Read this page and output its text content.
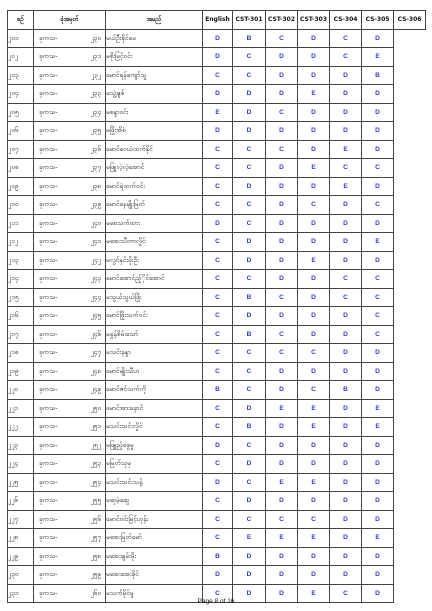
စဥ်	ခုံအမှတ်	အမည်	English	CST-301	CST-302	CST-303	CS-304	CS-305	CS-306
၂၀၁	ခုကသ- ၂၃၀	မယ်ဦးခိုင်မေ	D	B	C	D	C	D	
၂၀၂	ခုကသ- ၂၃၁	မစိုးမြင့်ဝင်း	D	C	D	D	C	E	
၂၀၃	ခုကသ- ၂၃၂	မောင်ရန်ကျော်သူ	C	C	D	D	D	B	
၂၀၄	ခုကသ- ၂၃၃	မသွဲ့ချစ်	D	D	D	E	D	D	
၂၀၅	ခုကသ- ၂၃၄	မစန္ဒာဝင်း	E	D	C	D	D	D	
၂၀၆	ခုကသ- ၂၃၅	မဖြိုးအိစံ	D	D	D	D	D	D	
၂၀၇	ခုကသ- ၂၃၆	မောင်ဝေယံထက်နိုင်	C	C	C	D	E	D	
၂၀၈	ခုကသ- ၂၃၇	မဖြူလဲ့လဲ့အောင်	C	C	D	E	C	C	
၂၀၉	ခုကသ- ၂၃၈	မောင်ရဲထက်ဝင်း	C	D	D	D	E	D	
၂၁၀	ခုကသ- ၂၃၉	မောင်နေမျိုးမြတ်	C	C	D	C	D	C	
၂၁၁	ခုကသ- ၂၄၀	မစေသက်ထား	D	C	D	D	D	D	
၂၁၂	ခုကသ- ၂၄၁	မအေးသီတာလှိုင်	C	D	D	D	D	E	
၂၁၃	ခုကသ- ၂၄၂	မလွင်နှင်းမိုးဦး	C	D	D	E	D	D	
၂၁၄	ခုကသ- ၂၄၃	မောင်အောင်ည့်ိုင်အောင်	C	C	D	D	C	C	
၂၁၅	ခုကသ- ၂၄၄	မသွယ်သွယ်ဖြိုး	C	B	C	D	C	C	
၂၁၆	ခုကသ- ၂၄၅	မောင်ဖြိုးသက်ဝင်း	C	D	D	D	D	C	
၂၁၇	ခုကသ- ၂၄၆	မခွန်စိမ်းသော်	C	B	C	D	D	C	
၂၁၈	ခုကသ- ၂၄၇	မသင်းနန္ဒာ	C	C	C	C	D	D	
၂၁၉	ခုကသ- ၂၄၈	မောင်မျိုးသီဟ	C	C	D	D	D	D	
၂၂၀	ခုကသ- ၂၄၉	မောင်ဇင်သက်ကို	B	C	D	C	B	D	
၂၂၁	ခုကသ- ၂၅၀	မောင်အားနောင်	C	D	E	E	D	E	
၂၂၂	ခုကသ- ၂၅၁	မသင်းသင်းလှိုင်	C	B	D	E	D	E	
၂၂၃	ခုကသ- ၂၅၂	မဖြူည့်ဖွေမှု	D	C	D	D	D	D	
၂၂၄	ခုကသ- ၂၅၃	မမြတ်သုမှ	C	D	D	D	D	D	
၂၂၅	ခုကသ- ၂၅၄	မသင်းသင်းသန့်	D	C	E	E	D	D	
၂၂၆	ခုကသ- ၂၅၅	မဆုမဲ့ဆွေ	C	D	D	D	D	D	
၂၂၇	ခုကသ- ၂၅၆	မောင်ဝင်းမြင့်ဟုန်း	C	C	C	C	D	D	
၂၂၈	ခုကသ- ၂၅၇	မအေးမြတ်မော်	C	E	E	E	D	E	
၂၂၉	ခုကသ- ၂၅၈	မအေးချမ်းမိုး	B	D	D	D	D	D	
၂၃၀	ခုကသ- ၂၅၉	မအေးအေးခိုင်	D	D	D	D	D	D	
၂၃၁	ခုကသ- ၂၆၀	မသက်မိုင်မူ	C	D	D	E	C	D	
Page 8 of 16
